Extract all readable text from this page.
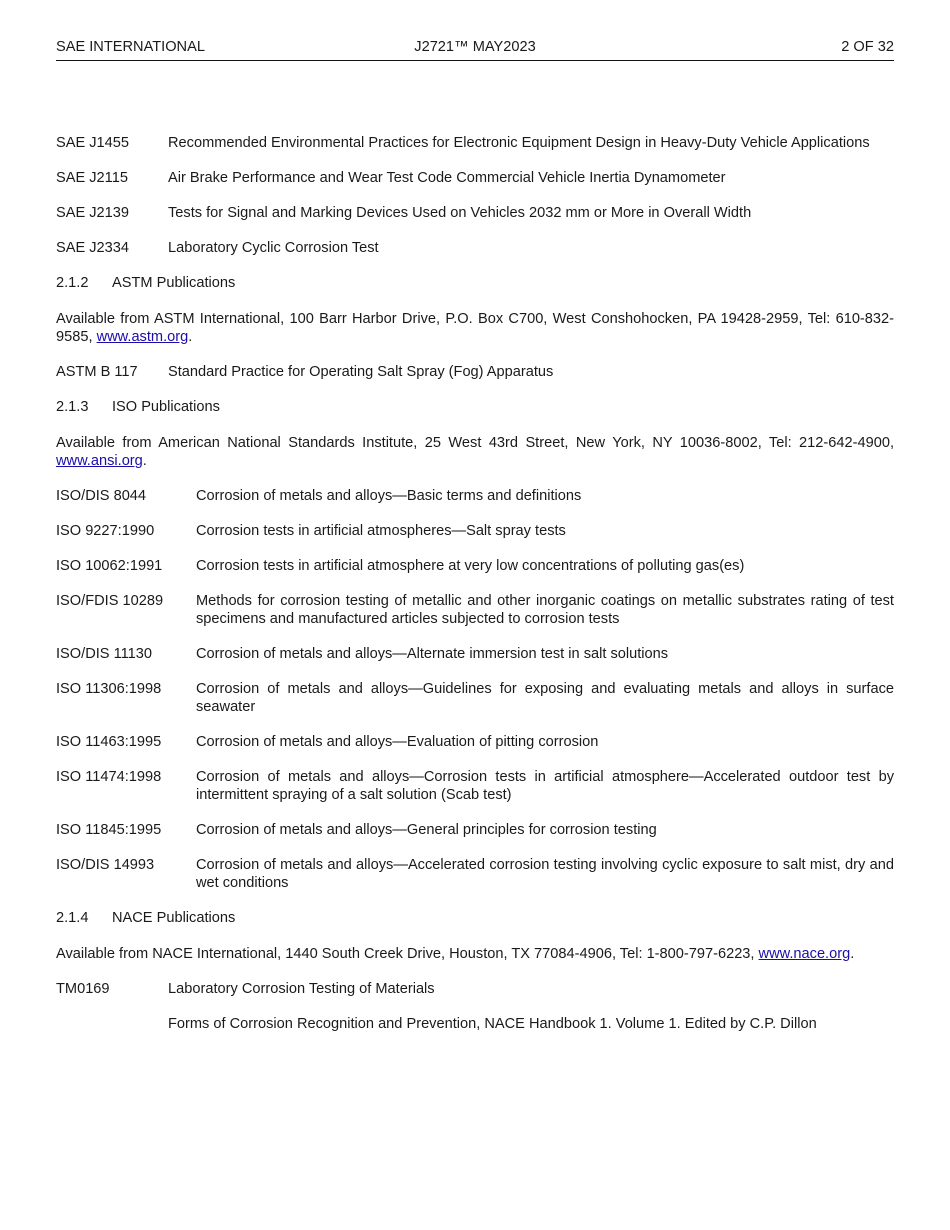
SAE INTERNATIONAL	J2721™ MAY2023	2 OF 32
SAE J1455	Recommended Environmental Practices for Electronic Equipment Design in Heavy-Duty Vehicle Applications
SAE J2115	Air Brake Performance and Wear Test Code Commercial Vehicle Inertia Dynamometer
SAE J2139	Tests for Signal and Marking Devices Used on Vehicles 2032 mm or More in Overall Width
SAE J2334	Laboratory Cyclic Corrosion Test
2.1.2	ASTM Publications
Available from ASTM International, 100 Barr Harbor Drive, P.O. Box C700, West Conshohocken, PA 19428-2959, Tel: 610-832-9585, www.astm.org.
ASTM B 117	Standard Practice for Operating Salt Spray (Fog) Apparatus
2.1.3	ISO Publications
Available from American National Standards Institute, 25 West 43rd Street, New York, NY 10036-8002, Tel: 212-642-4900, www.ansi.org.
ISO/DIS 8044	Corrosion of metals and alloys—Basic terms and definitions
ISO 9227:1990	Corrosion tests in artificial atmospheres—Salt spray tests
ISO 10062:1991	Corrosion tests in artificial atmosphere at very low concentrations of polluting gas(es)
ISO/FDIS 10289	Methods for corrosion testing of metallic and other inorganic coatings on metallic substrates rating of test specimens and manufactured articles subjected to corrosion tests
ISO/DIS 11130	Corrosion of metals and alloys—Alternate immersion test in salt solutions
ISO 11306:1998	Corrosion of metals and alloys—Guidelines for exposing and evaluating metals and alloys in surface seawater
ISO 11463:1995	Corrosion of metals and alloys—Evaluation of pitting corrosion
ISO 11474:1998	Corrosion of metals and alloys—Corrosion tests in artificial atmosphere—Accelerated outdoor test by intermittent spraying of a salt solution (Scab test)
ISO 11845:1995	Corrosion of metals and alloys—General principles for corrosion testing
ISO/DIS 14993	Corrosion of metals and alloys—Accelerated corrosion testing involving cyclic exposure to salt mist, dry and wet conditions
2.1.4	NACE Publications
Available from NACE International, 1440 South Creek Drive, Houston, TX 77084-4906, Tel: 1-800-797-6223, www.nace.org.
TM0169	Laboratory Corrosion Testing of Materials
Forms of Corrosion Recognition and Prevention, NACE Handbook 1. Volume 1. Edited by C.P. Dillon
